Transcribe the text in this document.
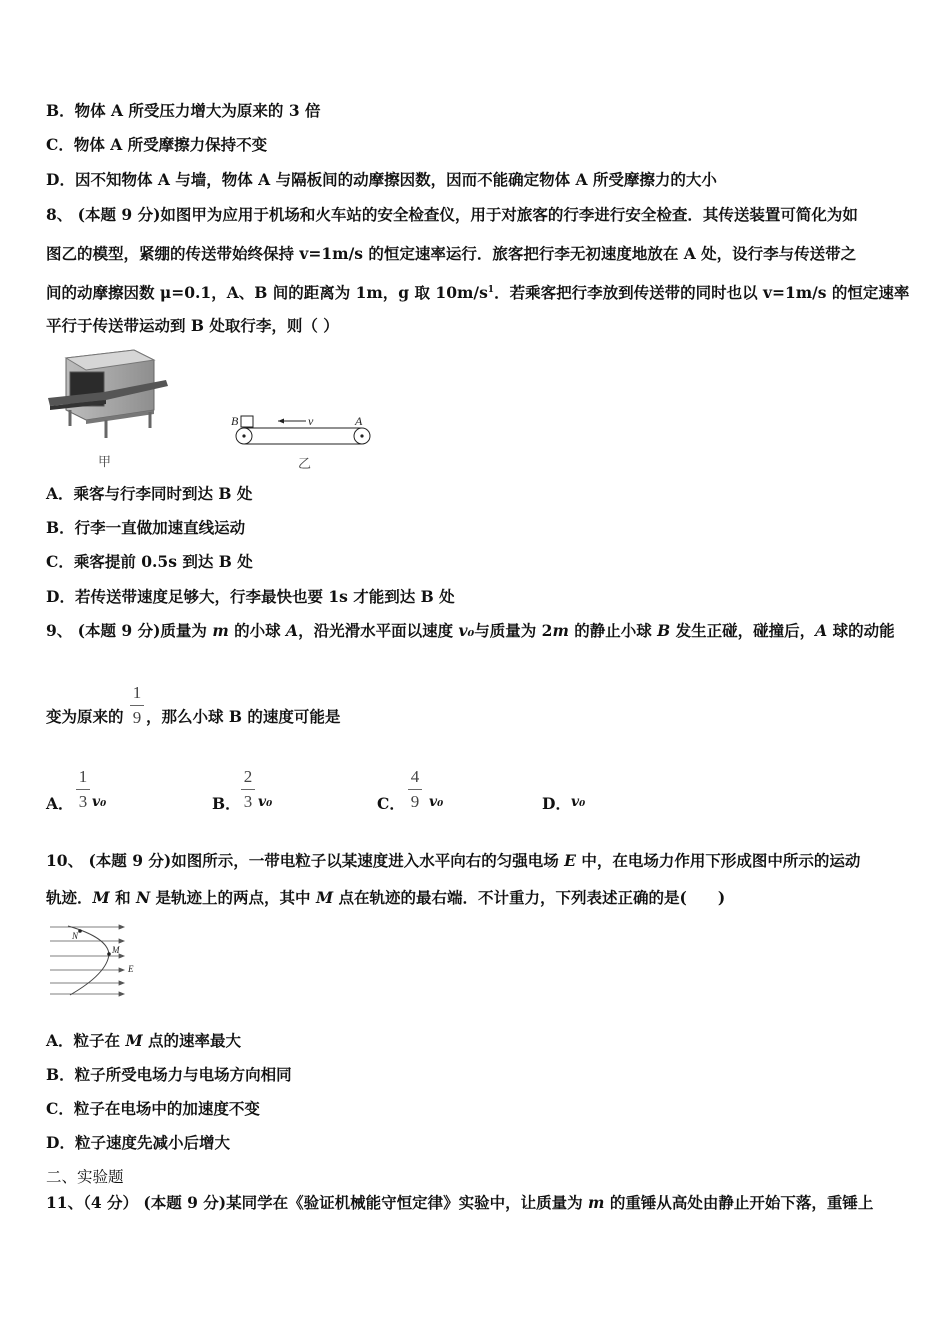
B．物体 A 所受压力增大为原来的 3 倍
C．物体 A 所受摩擦力保持不变
D．因不知物体 A 与墙，物体 A 与隔板间的动摩擦因数，因而不能确定物体 A 所受摩擦力的大小
8、 (本题 9 分)如图甲为应用于机场和火车站的安全检查仪，用于对旅客的行李进行安全检查．其传送装置可简化为如
图乙的模型，紧绷的传送带始终保持 v=1m/s 的恒定速率运行．旅客把行李无初速度地放在 A 处，设行李与传送带之
间的动摩擦因数 μ=0.1，A、B 间的距离为 1m，g 取 $10m/s^1$．若乘客把行李放到传送带的同时也以 v=1m/s 的恒定速率
平行于传送带运动到 B 处取行李，则（ ）
甲
B	v	A
乙
A．乘客与行李同时到达 B 处
B．行李一直做加速直线运动
C．乘客提前 0.5s 到达 B 处
D．若传送带速度足够大，行李最快也要 1s 才能到达 B 处
9、 (本题 9 分)质量为 m 的小球 A，沿光滑水平面以速度 v₀与质量为 2m 的静止小球 B 发生正碰，碰撞后，A 球的动能
变为原来的
1
9 ，那么小球 B 的速度可能是
A．
1
3 v₀	B．
2
3 v₀	C．
4
9 v₀	D． v₀
10、 (本题 9 分)如图所示，一带电粒子以某速度进入水平向右的匀强电场 E 中，在电场力作用下形成图中所示的运动
轨迹．M 和 N 是轨迹上的两点，其中 M 点在轨迹的最右端．不计重力，下列表述正确的是(　　)
N
M
E
A．粒子在 M 点的速率最大
B．粒子所受电场力与电场方向相同
C．粒子在电场中的加速度不变
D．粒子速度先减小后增大
二、实验题
11、（4 分） (本题 9 分)某同学在《验证机械能守恒定律》实验中，让质量为 m 的重锤从高处由静止开始下落，重锤上
